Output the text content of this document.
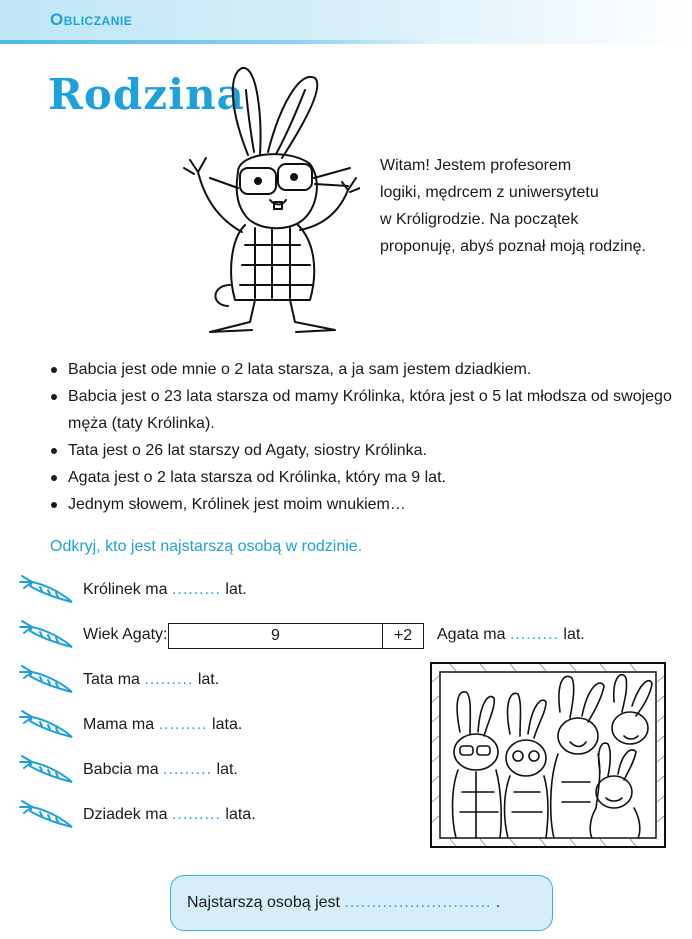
Obliczanie
Rodzina
Witam! Jestem profesorem
logiki, mędrcem z uniwersytetu
w Króligrodzie. Na początek
proponuję, abyś poznał moją rodzinę.
Babcia jest ode mnie o 2 lata starsza, a ja sam jestem dziadkiem.
Babcia jest o 23 lata starsza od mamy Królinka, która jest o 5 lat młodsza od swojego męża (taty Królinka).
Tata jest o 26 lat starszy od Agaty, siostry Królinka.
Agata jest o 2 lata starsza od Królinka, który ma 9 lat.
Jednym słowem, Królinek jest moim wnukiem…
Odkryj, kto jest najstarszą osobą w rodzinie.
Królinek ma ......... lat.
Wiek Agaty:
Tata ma ......... lat.
Mama ma ......... lata.
Babcia ma ......... lat.
Dziadek ma ......... lata.
9	+2	Agata ma ......... lat.
Najstarszą osobą jest ........................... .
